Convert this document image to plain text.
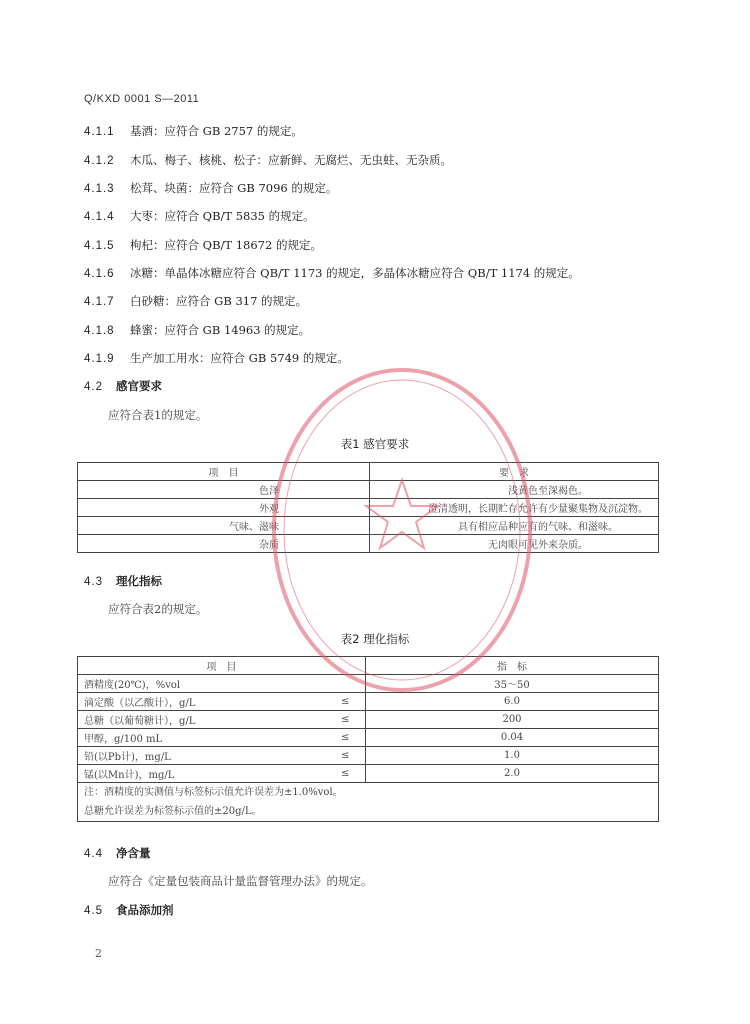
Q/KXD 0001 S—2011
4.1.1 基酒：应符合 GB 2757 的规定。
4.1.2 木瓜、梅子、核桃、松子：应新鲜、无腐烂、无虫蛀、无杂质。
4.1.3 松茸、块菌：应符合 GB 7096 的规定。
4.1.4 大枣：应符合 QB/T 5835 的规定。
4.1.5 枸杞：应符合 QB/T 18672 的规定。
4.1.6 冰糖：单晶体冰糖应符合 QB/T 1173 的规定，多晶体冰糖应符合 QB/T 1174 的规定。
4.1.7 白砂糖：应符合 GB 317 的规定。
4.1.8 蜂蜜：应符合 GB 14963 的规定。
4.1.9 生产加工用水：应符合 GB 5749 的规定。
4.2 感官要求
应符合表1的规定。
表1 感官要求
项　目	要　求
色泽	浅黄色至深褐色。
外观	澄清透明，长期贮存允许有少量聚集物及沉淀物。
气味、滋味	具有相应品种应有的气味、和滋味。
杂质	无肉眼可见外来杂质。
4.3 理化指标
应符合表2的规定。
表2 理化指标
项　目		指　标
酒精度(20℃)，%vol		35～50
滴定酸（以乙酸计），g/L	≤	6.0
总糖（以葡萄糖计），g/L	≤	200
甲醇，g/100 mL	≤	0.04
铅(以Pb计)，mg/L	≤	1.0
锰(以Mn计)，mg/L	≤	2.0

注：酒精度的实测值与标签标示值允许误差为±1.0%vol。
总糖允许误差为标签标示值的±20g/L。		
4.4 净含量
应符合《定量包装商品计量监督管理办法》的规定。
4.5 食品添加剂
2
